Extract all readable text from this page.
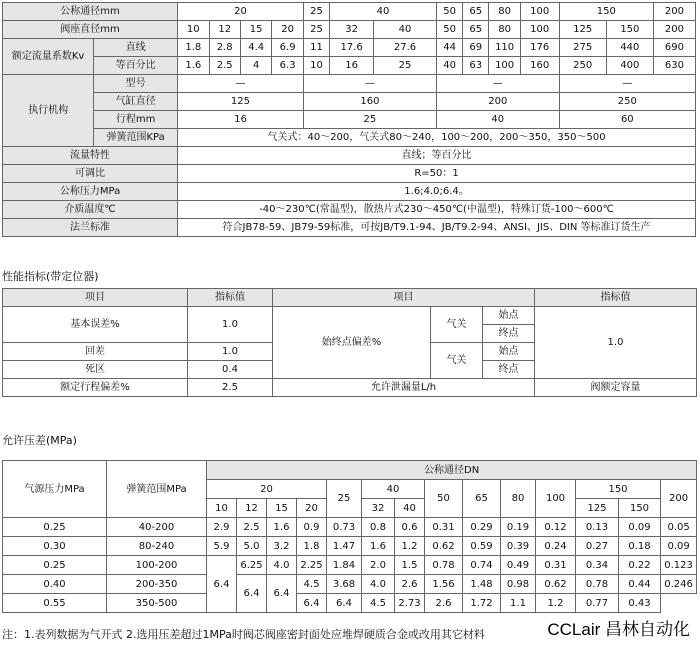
公称通径mm		20				25	40		50	65	80	100	150		200
阀座直径mm		10	12	15	20	25	32	40	50	65	80	100	125	150	200
额定流量系数Kv	直线	1.8	2.8	4.4	6.9	11	17.6	27.6	44	69	110	176	275	440	690
	等百分比	1.6	2.5	4	6.3	10	16	25	40	63	100	160	250	400	630
执行机构	型号	—				—			—				—		
	气缸直径	125				160			200				250		
	行程mm	16				25			40				60		
	弹簧范围KPa	气关式：40～200，气关式80～240，100～200，200～350，350～500													
流量特性		直线；等百分比													
可调比		R=50：1													
公称压力MPa		1.6;4.0;6.4。													
介质温度℃		-40～230℃(常温型)，散热片式230～450℃(中温型)，特殊订货-100～600℃													
法兰标准		符合JB78-59、JB79-59标准，可按JB/T9.1-94、JB/T9.2-94、ANSI、JIS、DIN 等标准订货生产													
性能指标(带定位器)
项目	指标值	项目			指标值
基本误差%	1.0	始终点偏差%	气关	始点	1.0
				终点	
回差	1.0		气关	始点	
死区	0.4			终点	
额定行程偏差%	2.5	允许泄漏量L/h			阀额定容量
允许压差(MPa)
气源压力MPa	弹簧范围MPa	公称通径DN													
		20				25	40		50	65	80	100	150		200
		10	12	15	20		32	40					125	150	
0.25	40-200	2.9	2.5	1.6	0.9	0.73	0.8	0.6	0.31	0.29	0.19	0.12	0.13	0.09	0.05
0.30	80-240	5.9	5.0	3.2	1.8	1.47	1.6	1.2	0.62	0.59	0.39	0.24	0.27	0.18	0.09
0.25	100-200	6.4	6.25	4.0	2.25	1.84	2.0	1.5	0.78	0.74	0.49	0.31	0.34	0.22	0.123
0.40	200-350		6.4	6.4	4.5	3.68	4.0	2.6	1.56	1.48	0.98	0.62	0.78	0.44	0.246
0.55	350-500				6.4	6.4	4.5	2.73	2.6	1.72	1.1	1.2	0.77	0.43	
注：1.表列数据为气开式 2.选用压差超过1MPa时阀芯阀座密封面处应堆焊硬质合金或改用其它材料	CCLair 昌林自动化
